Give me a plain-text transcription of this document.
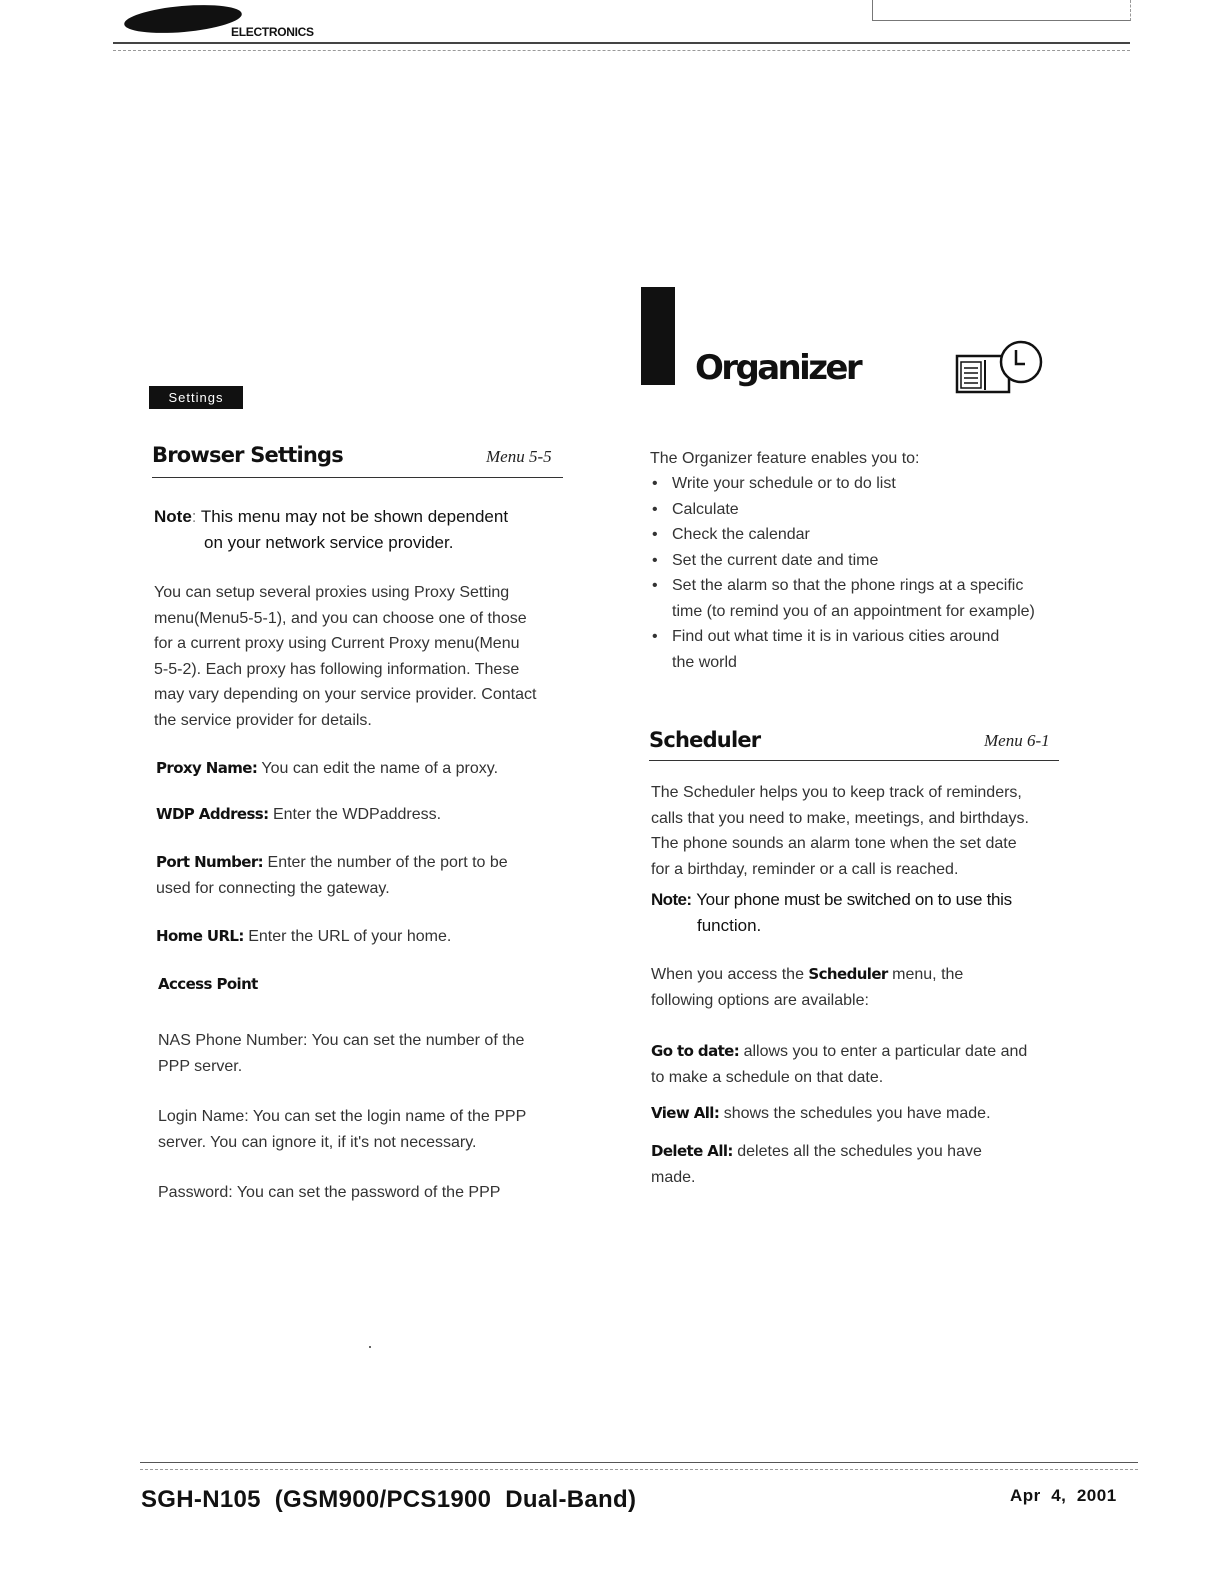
ELECTRONICS
Settings
Browser Settings	Menu 5-5
Note: This menu may not be shown dependent
on your network service provider.
You can setup several proxies using Proxy Setting
menu(Menu5-5-1), and you can choose one of those
for a current proxy using Current Proxy menu(Menu
5-5-2). Each proxy has following information. These
may vary depending on your service provider. Contact
the service provider for details.
Proxy Name: You can edit the name of a proxy.
WDP Address: Enter the WDPaddress.
Port Number: Enter the number of the port to be
used for connecting the gateway.
Home URL: Enter the URL of your home.
Access Point
NAS Phone Number: You can set the number of the
PPP server.
Login Name: You can set the login name of the PPP
server. You can ignore it, if it's not necessary.
Password: You can set the password of the PPP
Organizer
The Organizer feature enables you to:
• Write your schedule or to do list
• Calculate
• Check the calendar
• Set the current date and time
• Set the alarm so that the phone rings at a specific
time (to remind you of an appointment for example)
• Find out what time it is in various cities around
the world
Scheduler	Menu 6-1
The Scheduler helps you to keep track of reminders,
calls that you need to make, meetings, and birthdays.
The phone sounds an alarm tone when the set date
for a birthday, reminder or a call is reached.
Note: Your phone must be switched on to use this
function.
When you access the Scheduler menu, the
following options are available:
Go to date: allows you to enter a particular date and
to make a schedule on that date.
View All: shows the schedules you have made.
Delete All: deletes all the schedules you have
made.
SGH-N105  (GSM900/PCS1900  Dual-Band)	Apr  4,  2001
